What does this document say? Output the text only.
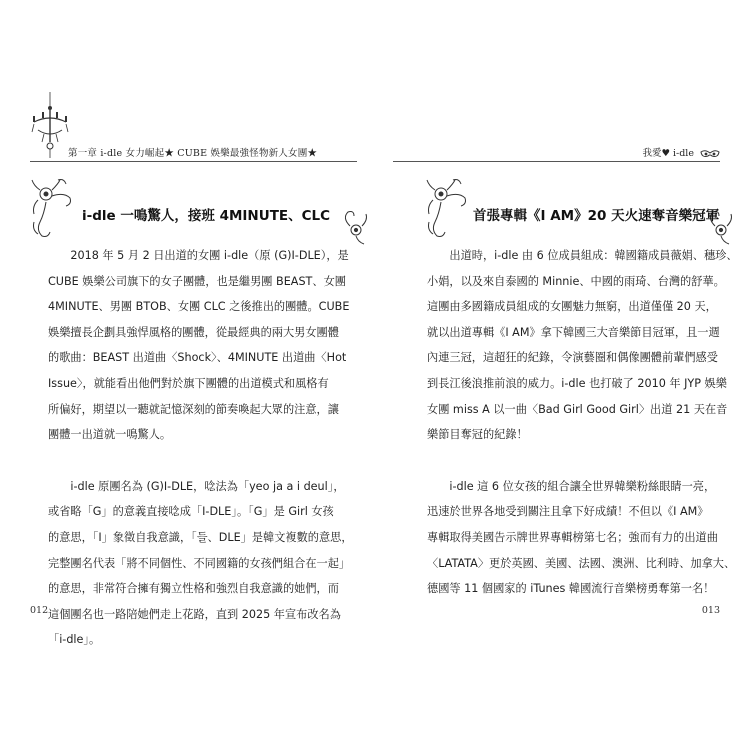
第一章 i-dle 女力崛起★ CUBE 娛樂最強怪物新人女團★
i-dle 一鳴驚人，接班 4MINUTE、CLC

　　2018 年 5 月 2 日出道的女團 i-dle（原 (G)I-DLE），是

CUBE 娛樂公司旗下的女子團體，也是繼男團 BEAST、女團

4MINUTE、男團 BTOB、女團 CLC 之後推出的團體。CUBE

娛樂擅長企劃具強悍風格的團體，從最經典的兩大男女團體

的歌曲：BEAST 出道曲〈Shock〉、4MINUTE 出道曲〈Hot

Issue〉，就能看出他們對於旗下團體的出道模式和風格有

所偏好，期望以一聽就記憶深刻的節奏喚起大眾的注意，讓

團體一出道就一鳴驚人。

　　i-dle 原團名為 (G)I-DLE，唸法為「yeo ja a i deul」，

或省略「G」的意義直接唸成「I-DLE」。「G」是 Girl 女孩

的意思，「I」象徵自我意識，「들、DLE」是韓文複數的意思，

完整團名代表「將不同個性、不同國籍的女孩們組合在一起」

的意思，非常符合擁有獨立性格和強烈自我意識的她們，而

這個團名也一路陪她們走上花路，直到 2025 年宣布改名為

「i-dle」。

012
我愛♥ i-dle
首張專輯《I AM》20 天火速奪音樂冠軍

　　出道時，i-dle 由 6 位成員組成：韓國籍成員薇娟、穗珍、

小娟，以及來自泰國的 Minnie、中國的雨琦、台灣的舒華。

這團由多國籍成員組成的女團魅力無窮，出道僅僅 20 天，

就以出道專輯《I AM》拿下韓國三大音樂節目冠軍，且一週

內連三冠，這超狂的紀錄，令演藝圈和偶像團體前輩們感受

到長江後浪推前浪的威力。i-dle 也打破了 2010 年 JYP 娛樂

女團 miss A 以一曲〈Bad Girl Good Girl〉出道 21 天在音

樂節目奪冠的紀錄！

　　i-dle 這 6 位女孩的組合讓全世界韓樂粉絲眼睛一亮，

迅速於世界各地受到關注且拿下好成績！不但以《I AM》

專輯取得美國告示牌世界專輯榜第七名；強而有力的出道曲

〈LATATA〉更於英國、美國、法國、澳洲、比利時、加拿大、

德國等 11 個國家的 iTunes 韓國流行音樂榜勇奪第一名！

013
